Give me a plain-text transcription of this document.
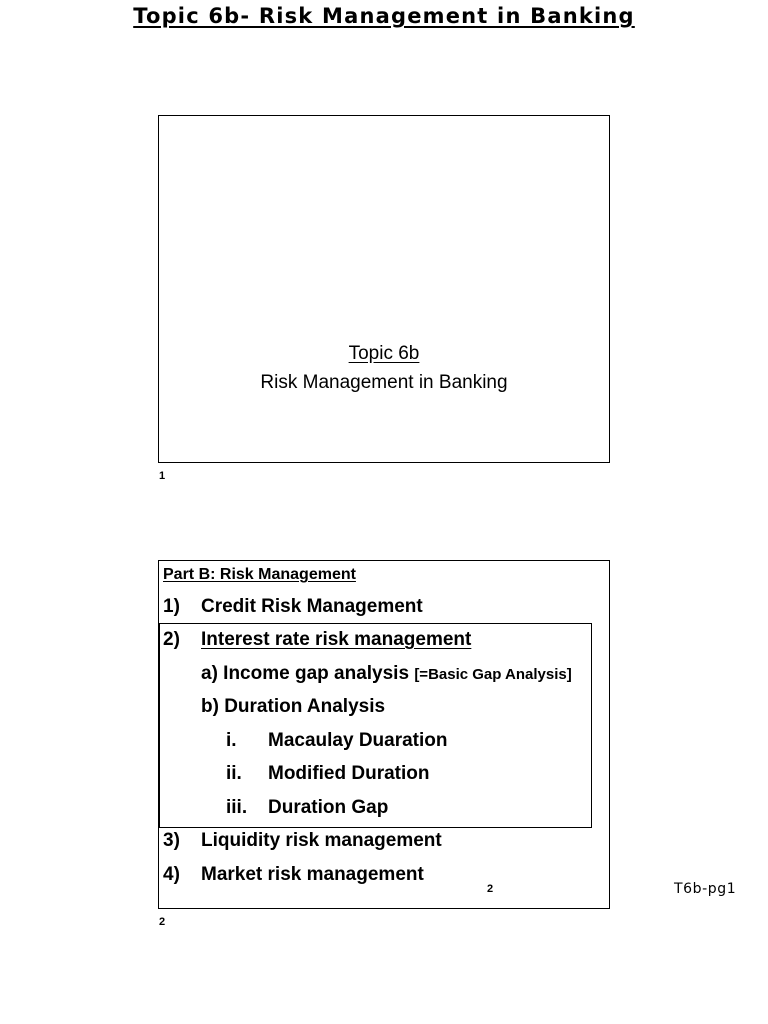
Topic 6b- Risk Management in Banking
Topic 6b
Risk Management in Banking
1
Part B: Risk Management
1) Credit Risk Management
2) Interest rate risk management
a) Income gap analysis [=Basic Gap Analysis]
b) Duration Analysis
i. Macaulay Duaration
ii. Modified Duration
iii. Duration Gap
3) Liquidity risk management
4) Market risk management
2
2
T6b-pg1
